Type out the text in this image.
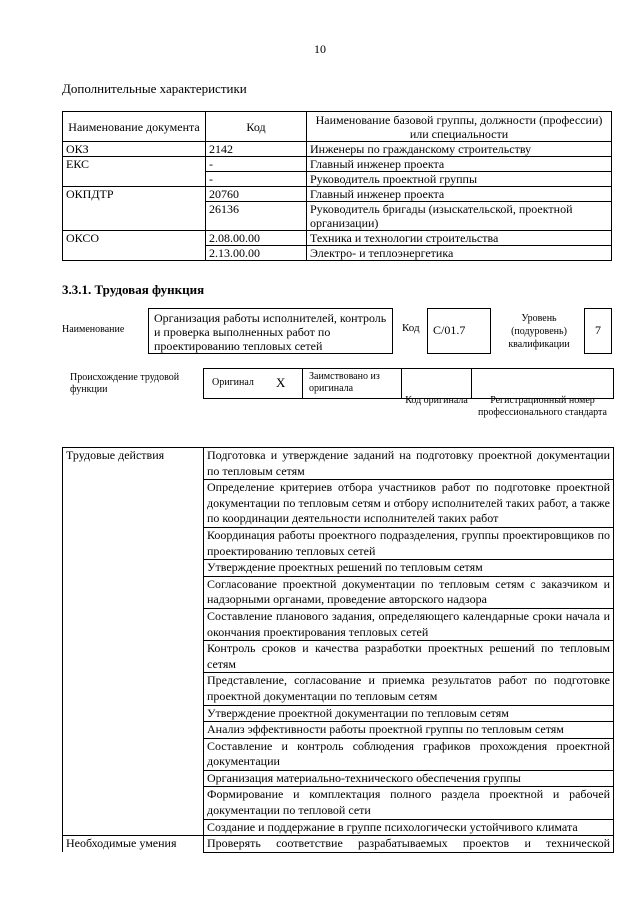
10
Дополнительные характеристики
Наименование документа	Код	Наименование базовой группы, должности (профессии) или специальности
ОКЗ	2142	Инженеры по гражданскому строительству
ЕКС	-	Главный инженер проекта
	-	Руководитель проектной группы
ОКПДТР	20760	Главный инженер проекта
	26136	Руководитель бригады (изыскательской, проектной организации)
ОКСО	2.08.00.00	Техника и технологии строительства
	2.13.00.00	Электро- и теплоэнергетика
3.3.1. Трудовая функция
Наименование
Организация работы исполнителей, контроль и проверка выполненных работ по проектированию тепловых сетей
Код	C/01.7
Уровень (подуровень) квалификации
7
Происхождение трудовой функции
Оригинал X	Заимствовано из оригинала
Код оригинала	Регистрационный номер профессионального стандарта
Трудовые действия	Подготовка и утверждение заданий на подготовку проектной документации по тепловым сетям
	Определение критериев отбора участников работ по подготовке проектной документации по тепловым сетям и отбору исполнителей таких работ, а также по координации деятельности исполнителей таких работ
	Координация работы проектного подразделения, группы проектировщиков по проектированию тепловых сетей
	Утверждение проектных решений по тепловым сетям
	Согласование проектной документации по тепловым сетям с заказчиком и надзорными органами, проведение авторского надзора
	Составление планового задания, определяющего календарные сроки начала и окончания проектирования тепловых сетей
	Контроль сроков и качества разработки проектных решений по тепловым сетям
	Представление, согласование и приемка результатов работ по подготовке проектной документации по тепловым сетям
	Утверждение проектной документации по тепловым сетям
	Анализ эффективности работы проектной группы по тепловым сетям
	Составление и контроль соблюдения графиков прохождения проектной документации
	Организация материально-технического обеспечения группы
	Формирование и комплектация полного раздела проектной и рабочей документации по тепловой сети
	Создание и поддержание в группе психологически устойчивого климата
Необходимые умения	Проверять соответствие разрабатываемых проектов и технической
